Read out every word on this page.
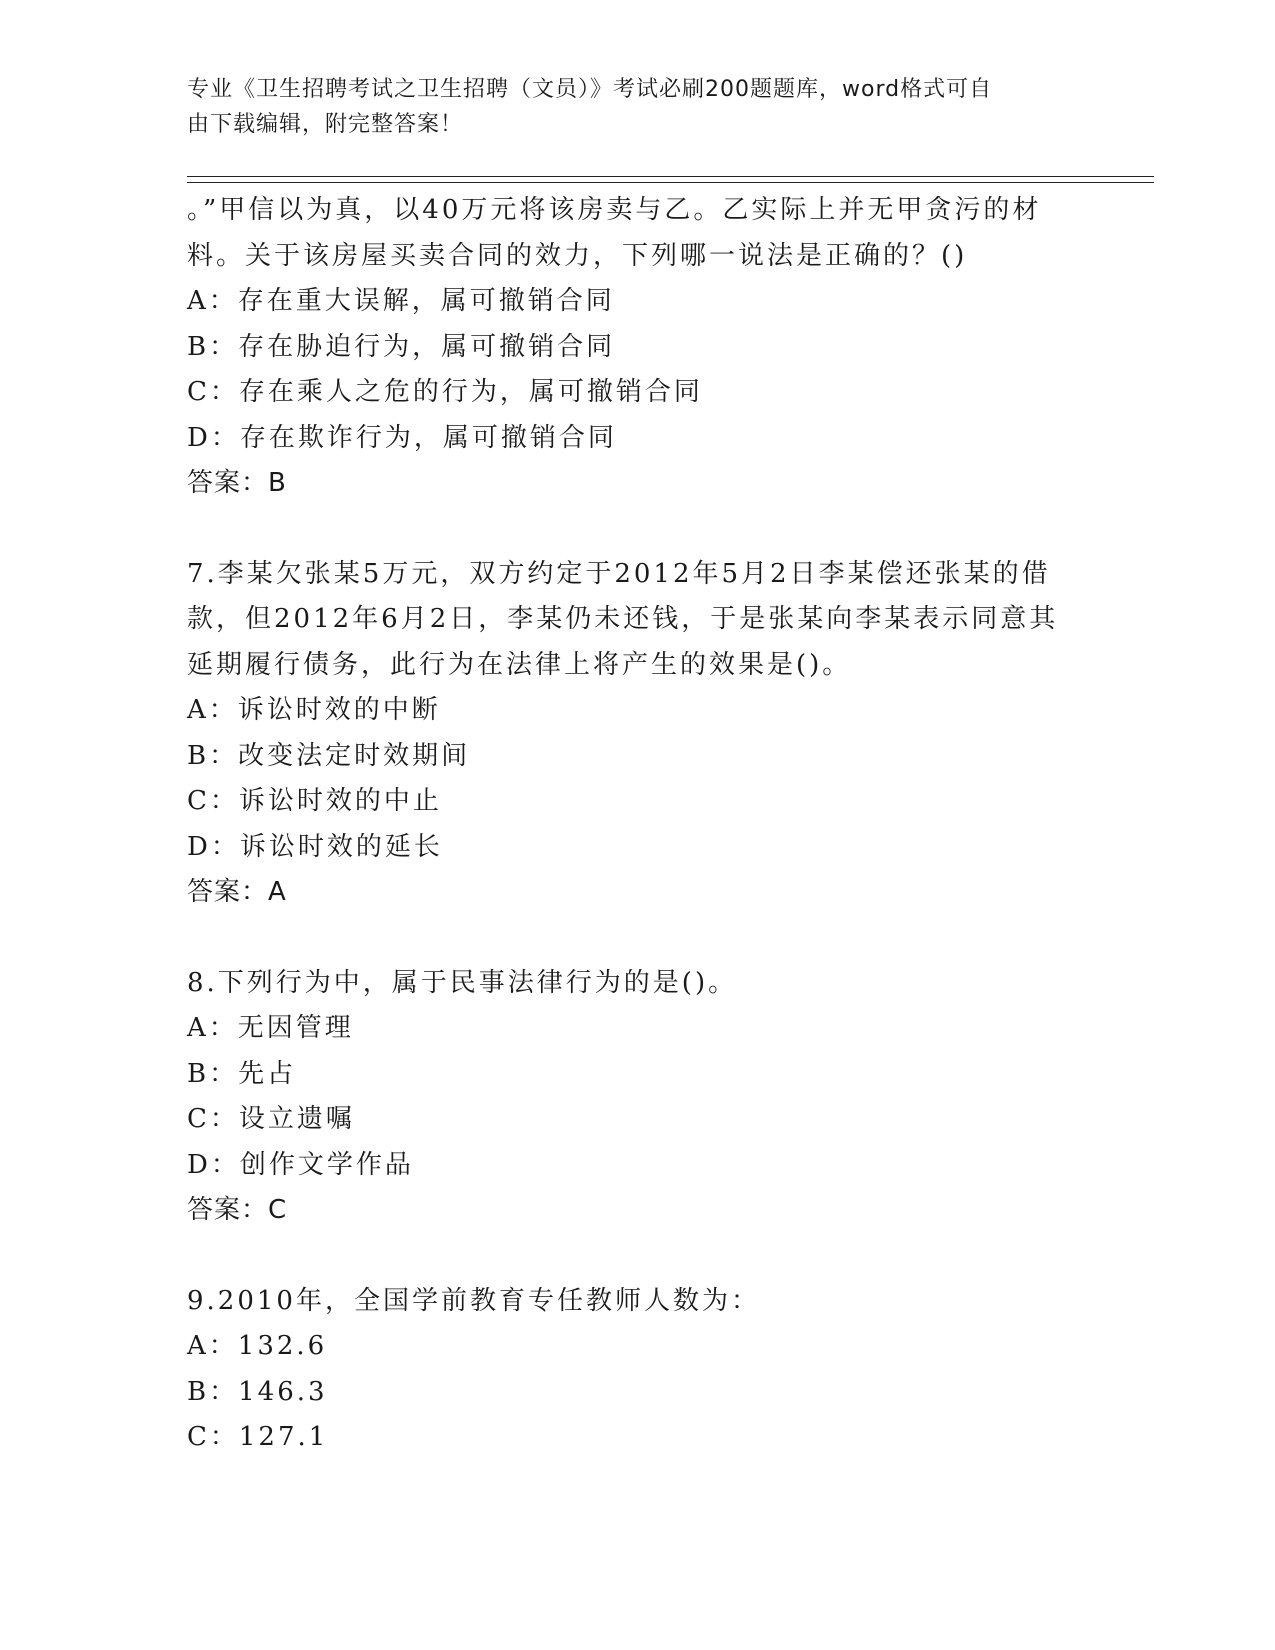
专业《卫生招聘考试之卫生招聘（文员）》考试必刷200题题库，word格式可自
由下载编辑，附完整答案！
。”甲信以为真，以40万元将该房卖与乙。乙实际上并无甲贪污的材
料。关于该房屋买卖合同的效力，下列哪一说法是正确的？()
A：存在重大误解，属可撤销合同
B：存在胁迫行为，属可撤销合同
C：存在乘人之危的行为，属可撤销合同
D：存在欺诈行为，属可撤销合同
答案：B
7.李某欠张某5万元，双方约定于2012年5月2日李某偿还张某的借
款，但2012年6月2日，李某仍未还钱，于是张某向李某表示同意其
延期履行债务，此行为在法律上将产生的效果是()。
A：诉讼时效的中断
B：改变法定时效期间
C：诉讼时效的中止
D：诉讼时效的延长
答案：A
8.下列行为中，属于民事法律行为的是()。
A：无因管理
B：先占
C：设立遗嘱
D：创作文学作品
答案：C
9.2010年，全国学前教育专任教师人数为：
A：132.6
B：146.3
C：127.1
